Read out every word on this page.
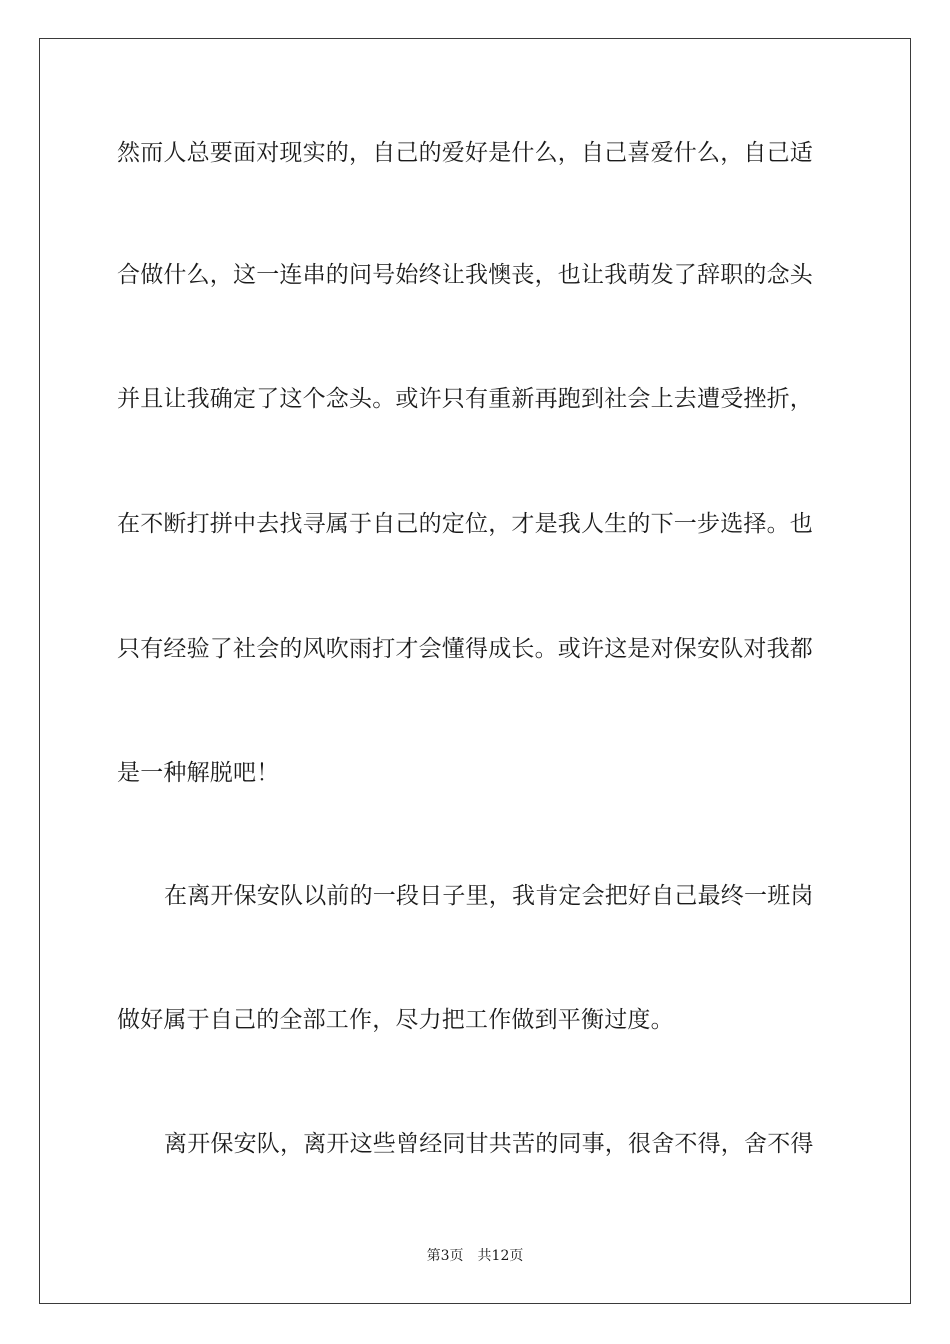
然而人总要面对现实的，自己的爱好是什么，自己喜爱什么，自己适
合做什么，这一连串的问号始终让我懊丧，也让我萌发了辞职的念头
并且让我确定了这个念头。或许只有重新再跑到社会上去遭受挫折，
在不断打拼中去找寻属于自己的定位，才是我人生的下一步选择。也
只有经验了社会的风吹雨打才会懂得成长。或许这是对保安队对我都
是一种解脱吧！
在离开保安队以前的一段日子里，我肯定会把好自己最终一班岗
做好属于自己的全部工作，尽力把工作做到平衡过度。
离开保安队，离开这些曾经同甘共苦的同事，很舍不得，舍不得
第3页 共12页
